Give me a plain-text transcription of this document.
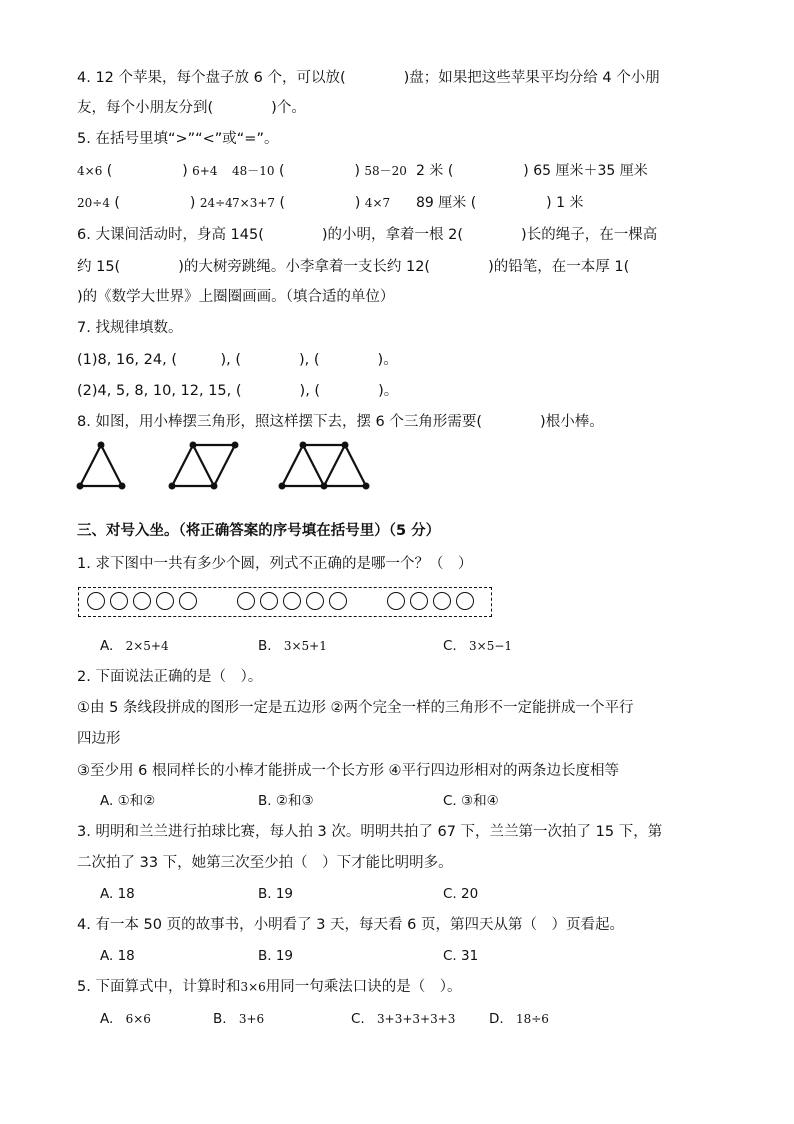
4. 12 个苹果，每个盘子放 6 个，可以放(　　　　)盘；如果把这些苹果平均分给 4 个小朋
友，每个小朋友分到(　　　　)个。
5. 在括号里填“>”“<”或“=”。
4×6 (　　　　　) 6+4 48－10 (　　　　　) 58－20 2 米 (　　　　　) 65 厘米＋35 厘米
20÷4 (　　　　　) 24÷4 7×3+7 (　　　　　) 4×7 89 厘米 (　　　　　) 1 米
6. 大课间活动时，身高 145(　　　　)的小明，拿着一根 2(　　　　)长的绳子，在一棵高
约 15(　　　　)的大树旁跳绳。小李拿着一支长约 12(　　　　)的铅笔，在一本厚 1(
)的《数学大世界》上圈圈画画。（填合适的单位）
7. 找规律填数。
(1)8, 16, 24, (　　　), (　　　　), (　　　　)。
(2)4, 5, 8, 10, 12, 15, (　　　　), (　　　　)。
8. 如图，用小棒摆三角形，照这样摆下去，摆 6 个三角形需要(　　　　)根小棒。
三、对号入坐。（将正确答案的序号填在括号里）（5 分）
1. 求下图中一共有多少个圆，列式不正确的是哪一个？（　）
A. 2×5+4	B. 3×5+1	C. 3×5−1
2. 下面说法正确的是（　）。
①由 5 条线段拼成的图形一定是五边形 ②两个完全一样的三角形不一定能拼成一个平行
四边形
③至少用 6 根同样长的小棒才能拼成一个长方形 ④平行四边形相对的两条边长度相等
A. ①和②	B. ②和③	C. ③和④
3. 明明和兰兰进行拍球比赛，每人拍 3 次。明明共拍了 67 下，兰兰第一次拍了 15 下，第
二次拍了 33 下，她第三次至少拍（　）下才能比明明多。
A. 18	B. 19	C. 20
4. 有一本 50 页的故事书，小明看了 3 天，每天看 6 页，第四天从第（　）页看起。
A. 18	B. 19	C. 31
5. 下面算式中，计算时和3×6用同一句乘法口诀的是（　）。
A. 6×6	B. 3+6	C. 3+3+3+3+3 D. 18÷6
